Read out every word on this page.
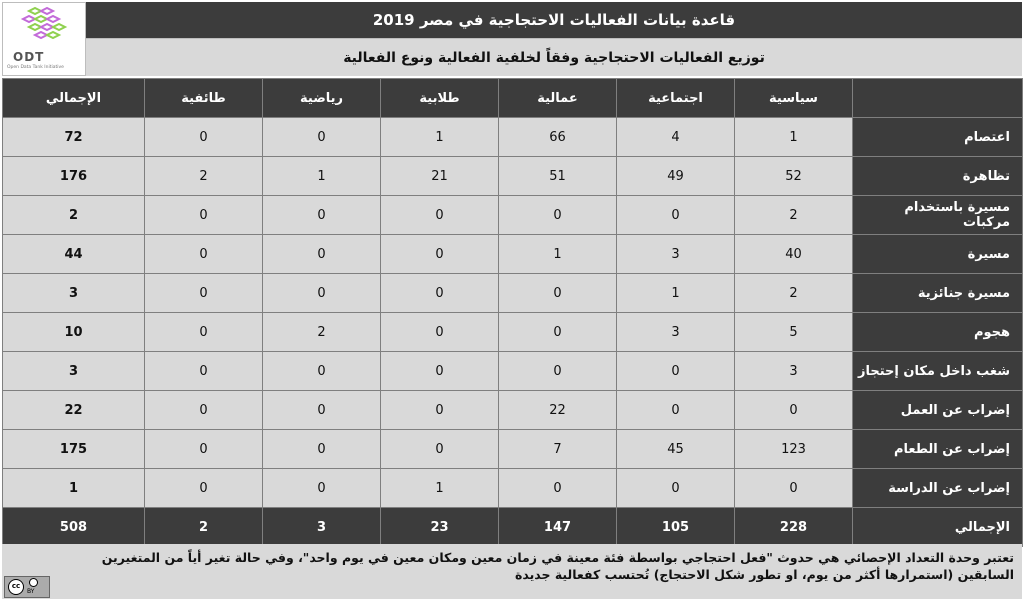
ODT
Open Data Tank Initiative
قاعدة بيانات الفعاليات الاحتجاجية في مصر 2019
توزيع الفعاليات الاحتجاجية وفقاً لخلفية الفعالية ونوع الفعالية
	سياسية	اجتماعية	عمالية	طلابية	رياضية	طائفية	الإجمالي
اعتصام	1	4	66	1	0	0	72
تظاهرة	52	49	51	21	1	2	176
مسيرة باستخدام مركبات	2	0	0	0	0	0	2
مسيرة	40	3	1	0	0	0	44
مسيرة جنائزية	2	1	0	0	0	0	3
هجوم	5	3	0	0	2	0	10
شغب داخل مكان إحتجاز	3	0	0	0	0	0	3
إضراب عن العمل	0	0	22	0	0	0	22
إضراب عن الطعام	123	45	7	0	0	0	175
إضراب عن الدراسة	0	0	0	1	0	0	1
الإجمالي	228	105	147	23	3	2	508
تعتبر وحدة التعداد الإحصائي هي حدوث "فعل احتجاجي بواسطة فئة معينة في زمان معين ومكان معين في يوم واحد"، وفي حالة تغير أياً من المتغيرين السابقين (استمرارها أكثر من يوم، او تطور شكل الاحتجاج) تُحتسب كفعالية جديدة
cc
BY
